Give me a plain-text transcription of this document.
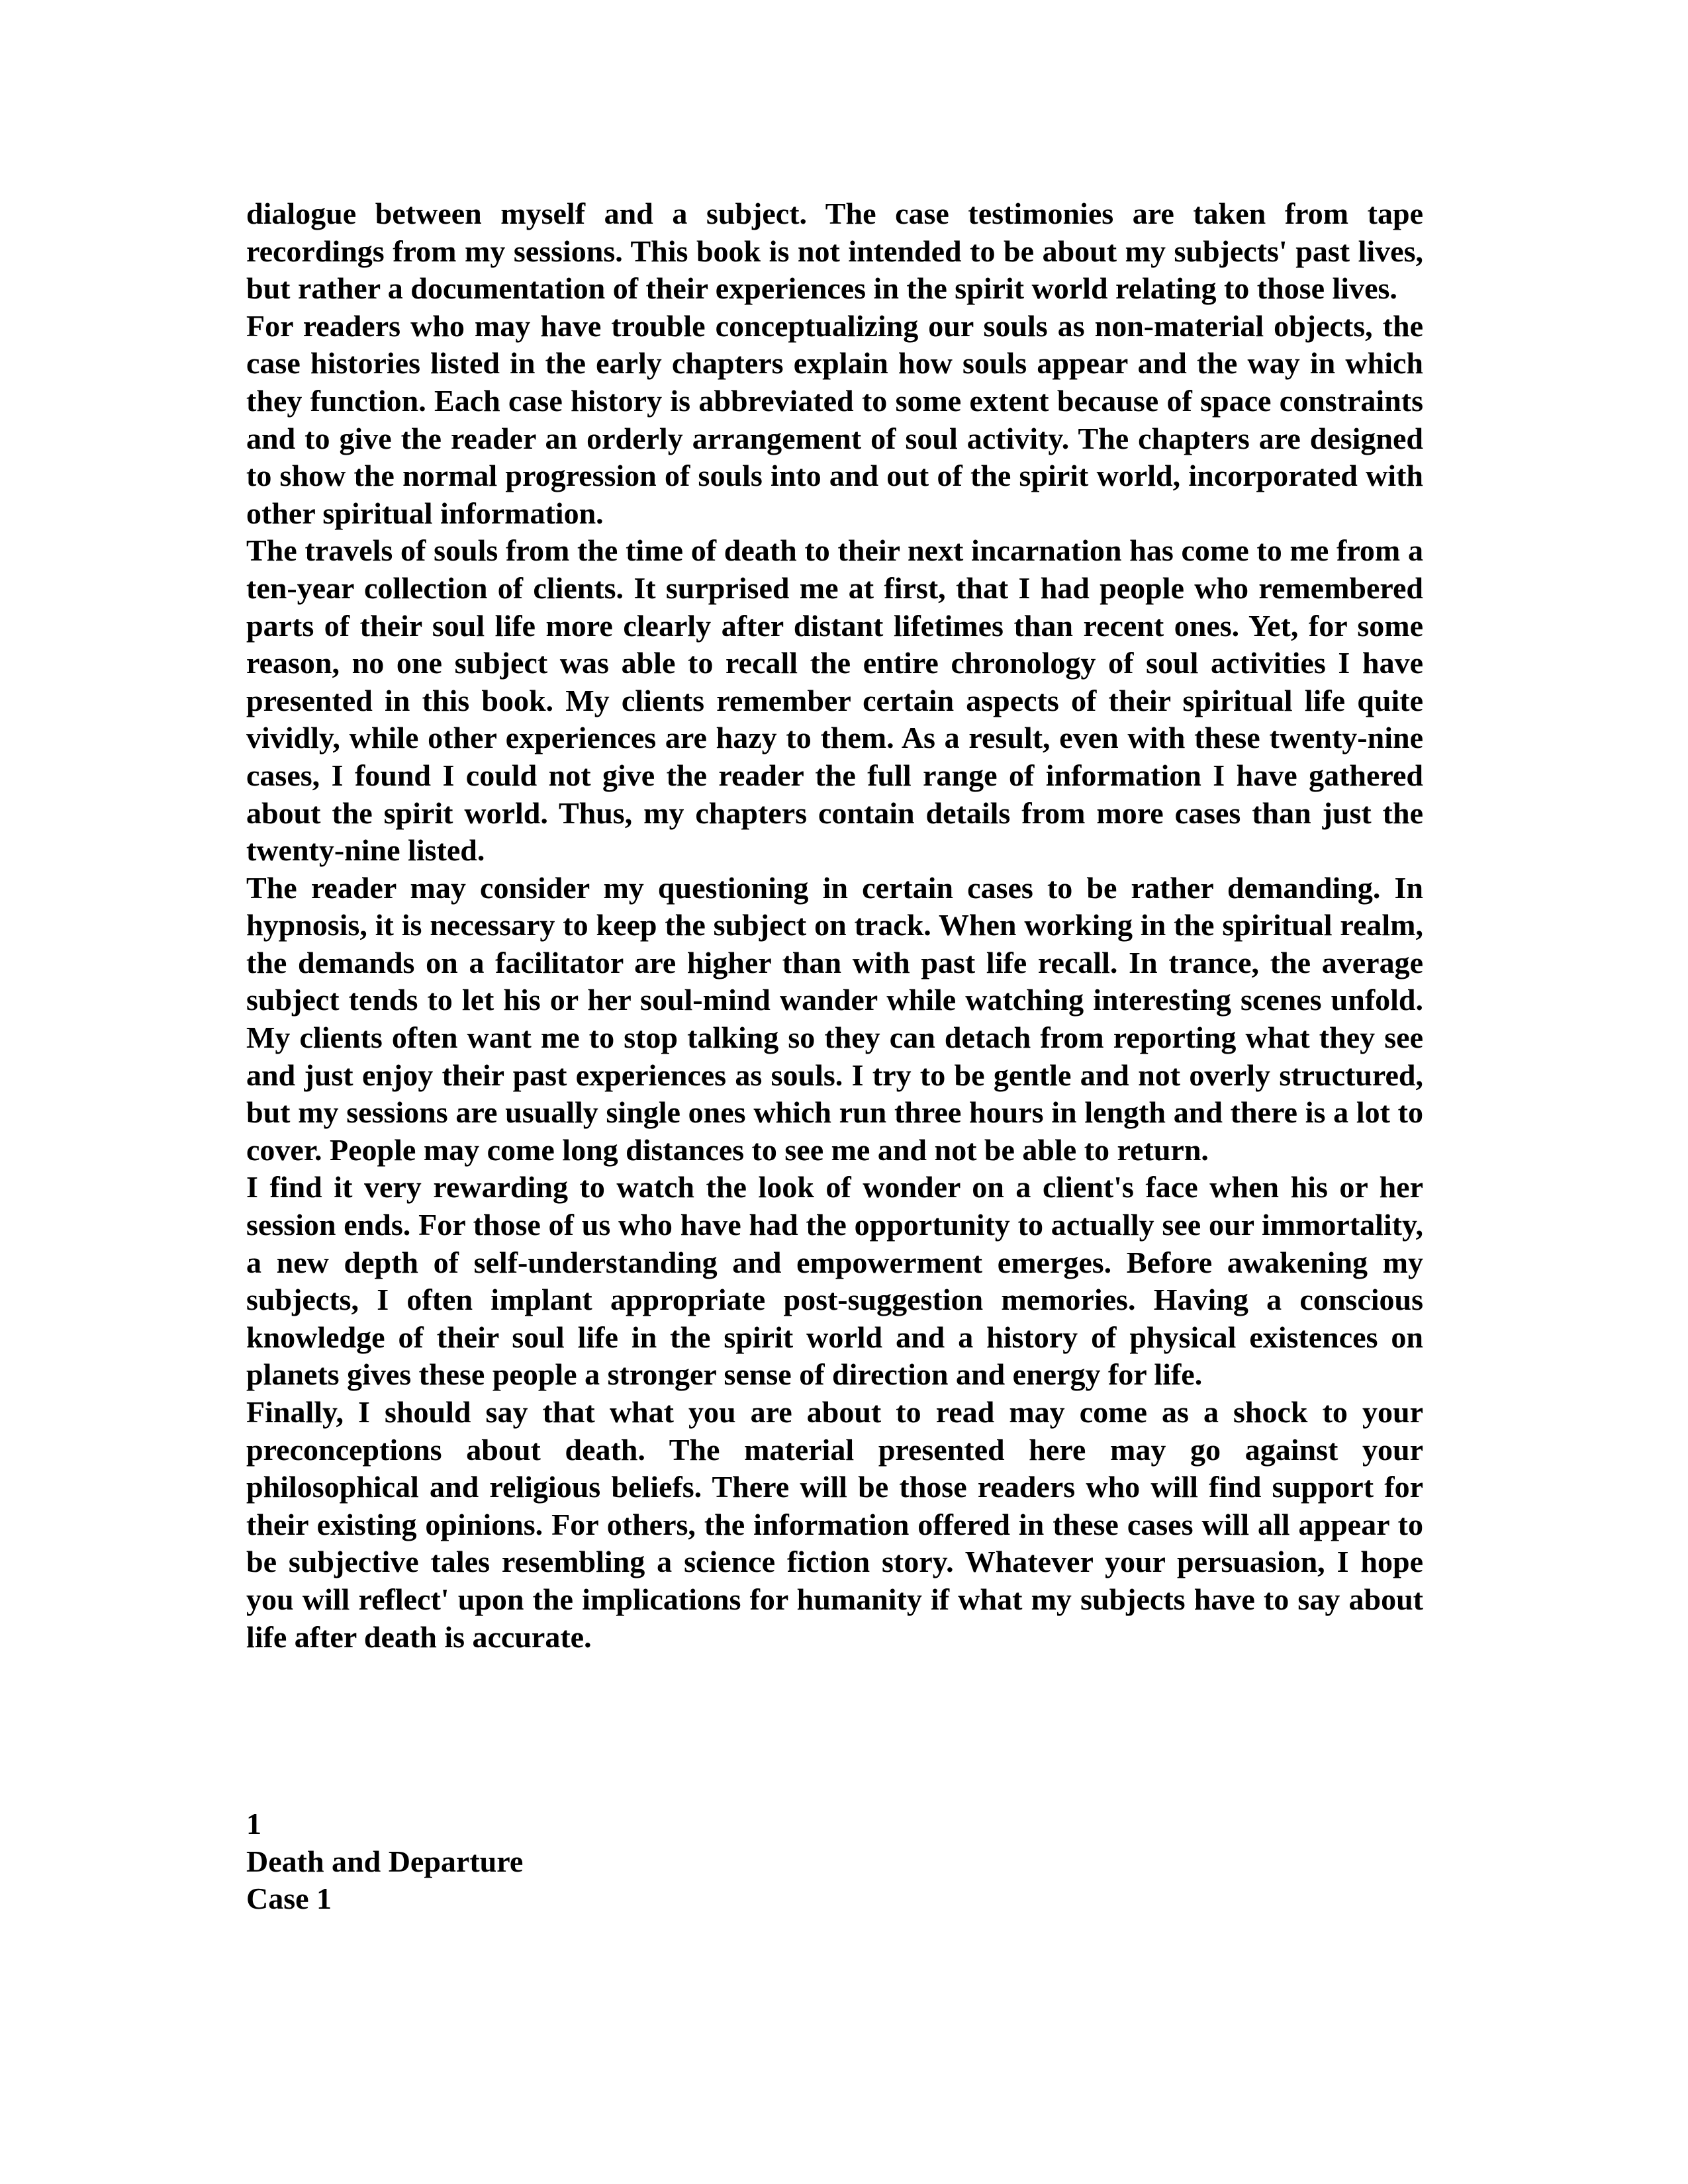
dialogue between myself and a subject. The case testimonies are taken from tape recordings from my sessions. This book is not intended to be about my subjects' past lives, but rather a documentation of their experiences in the spirit world relating to those lives.

For readers who may have trouble conceptualizing our souls as non-material objects, the case histories listed in the early chapters explain how souls appear and the way in which they function. Each case history is abbreviated to some extent because of space constraints and to give the reader an orderly arrangement of soul activity. The chapters are designed to show the normal progression of souls into and out of the spirit world, incorporated with other spiritual information.

The travels of souls from the time of death to their next incarnation has come to me from a ten-year collection of clients. It surprised me at first, that I had people who remembered parts of their soul life more clearly after distant lifetimes than recent ones. Yet, for some reason, no one subject was able to recall the entire chronology of soul activities I have presented in this book. My clients remember certain aspects of their spiritual life quite vividly, while other experiences are hazy to them. As a result, even with these twenty-nine cases, I found I could not give the reader the full range of information I have gathered about the spirit world. Thus, my chapters contain details from more cases than just the twenty-nine listed.

The reader may consider my questioning in certain cases to be rather demanding. In hypnosis, it is necessary to keep the subject on track. When working in the spiritual realm, the demands on a facilitator are higher than with past life recall. In trance, the average subject tends to let his or her soul-mind wander while watching interesting scenes unfold. My clients often want me to stop talking so they can detach from reporting what they see and just enjoy their past experiences as souls. I try to be gentle and not overly structured, but my sessions are usually single ones which run three hours in length and there is a lot to cover. People may come long distances to see me and not be able to return.

I find it very rewarding to watch the look of wonder on a client's face when his or her session ends. For those of us who have had the opportunity to actually see our immortality, a new depth of self-understanding and empowerment emerges. Before awakening my subjects, I often implant appropriate post-suggestion memories. Having a conscious knowledge of their soul life in the spirit world and a history of physical existences on planets gives these people a stronger sense of direction and energy for life.

Finally, I should say that what you are about to read may come as a shock to your preconceptions about death. The material presented here may go against your philosophical and religious beliefs. There will be those readers who will find support for their existing opinions. For others, the information offered in these cases will all appear to be subjective tales resembling a science fiction story. Whatever your persuasion, I hope you will reflect' upon the implications for humanity if what my subjects have to say about life after death is accurate.

1
Death and Departure
Case 1
